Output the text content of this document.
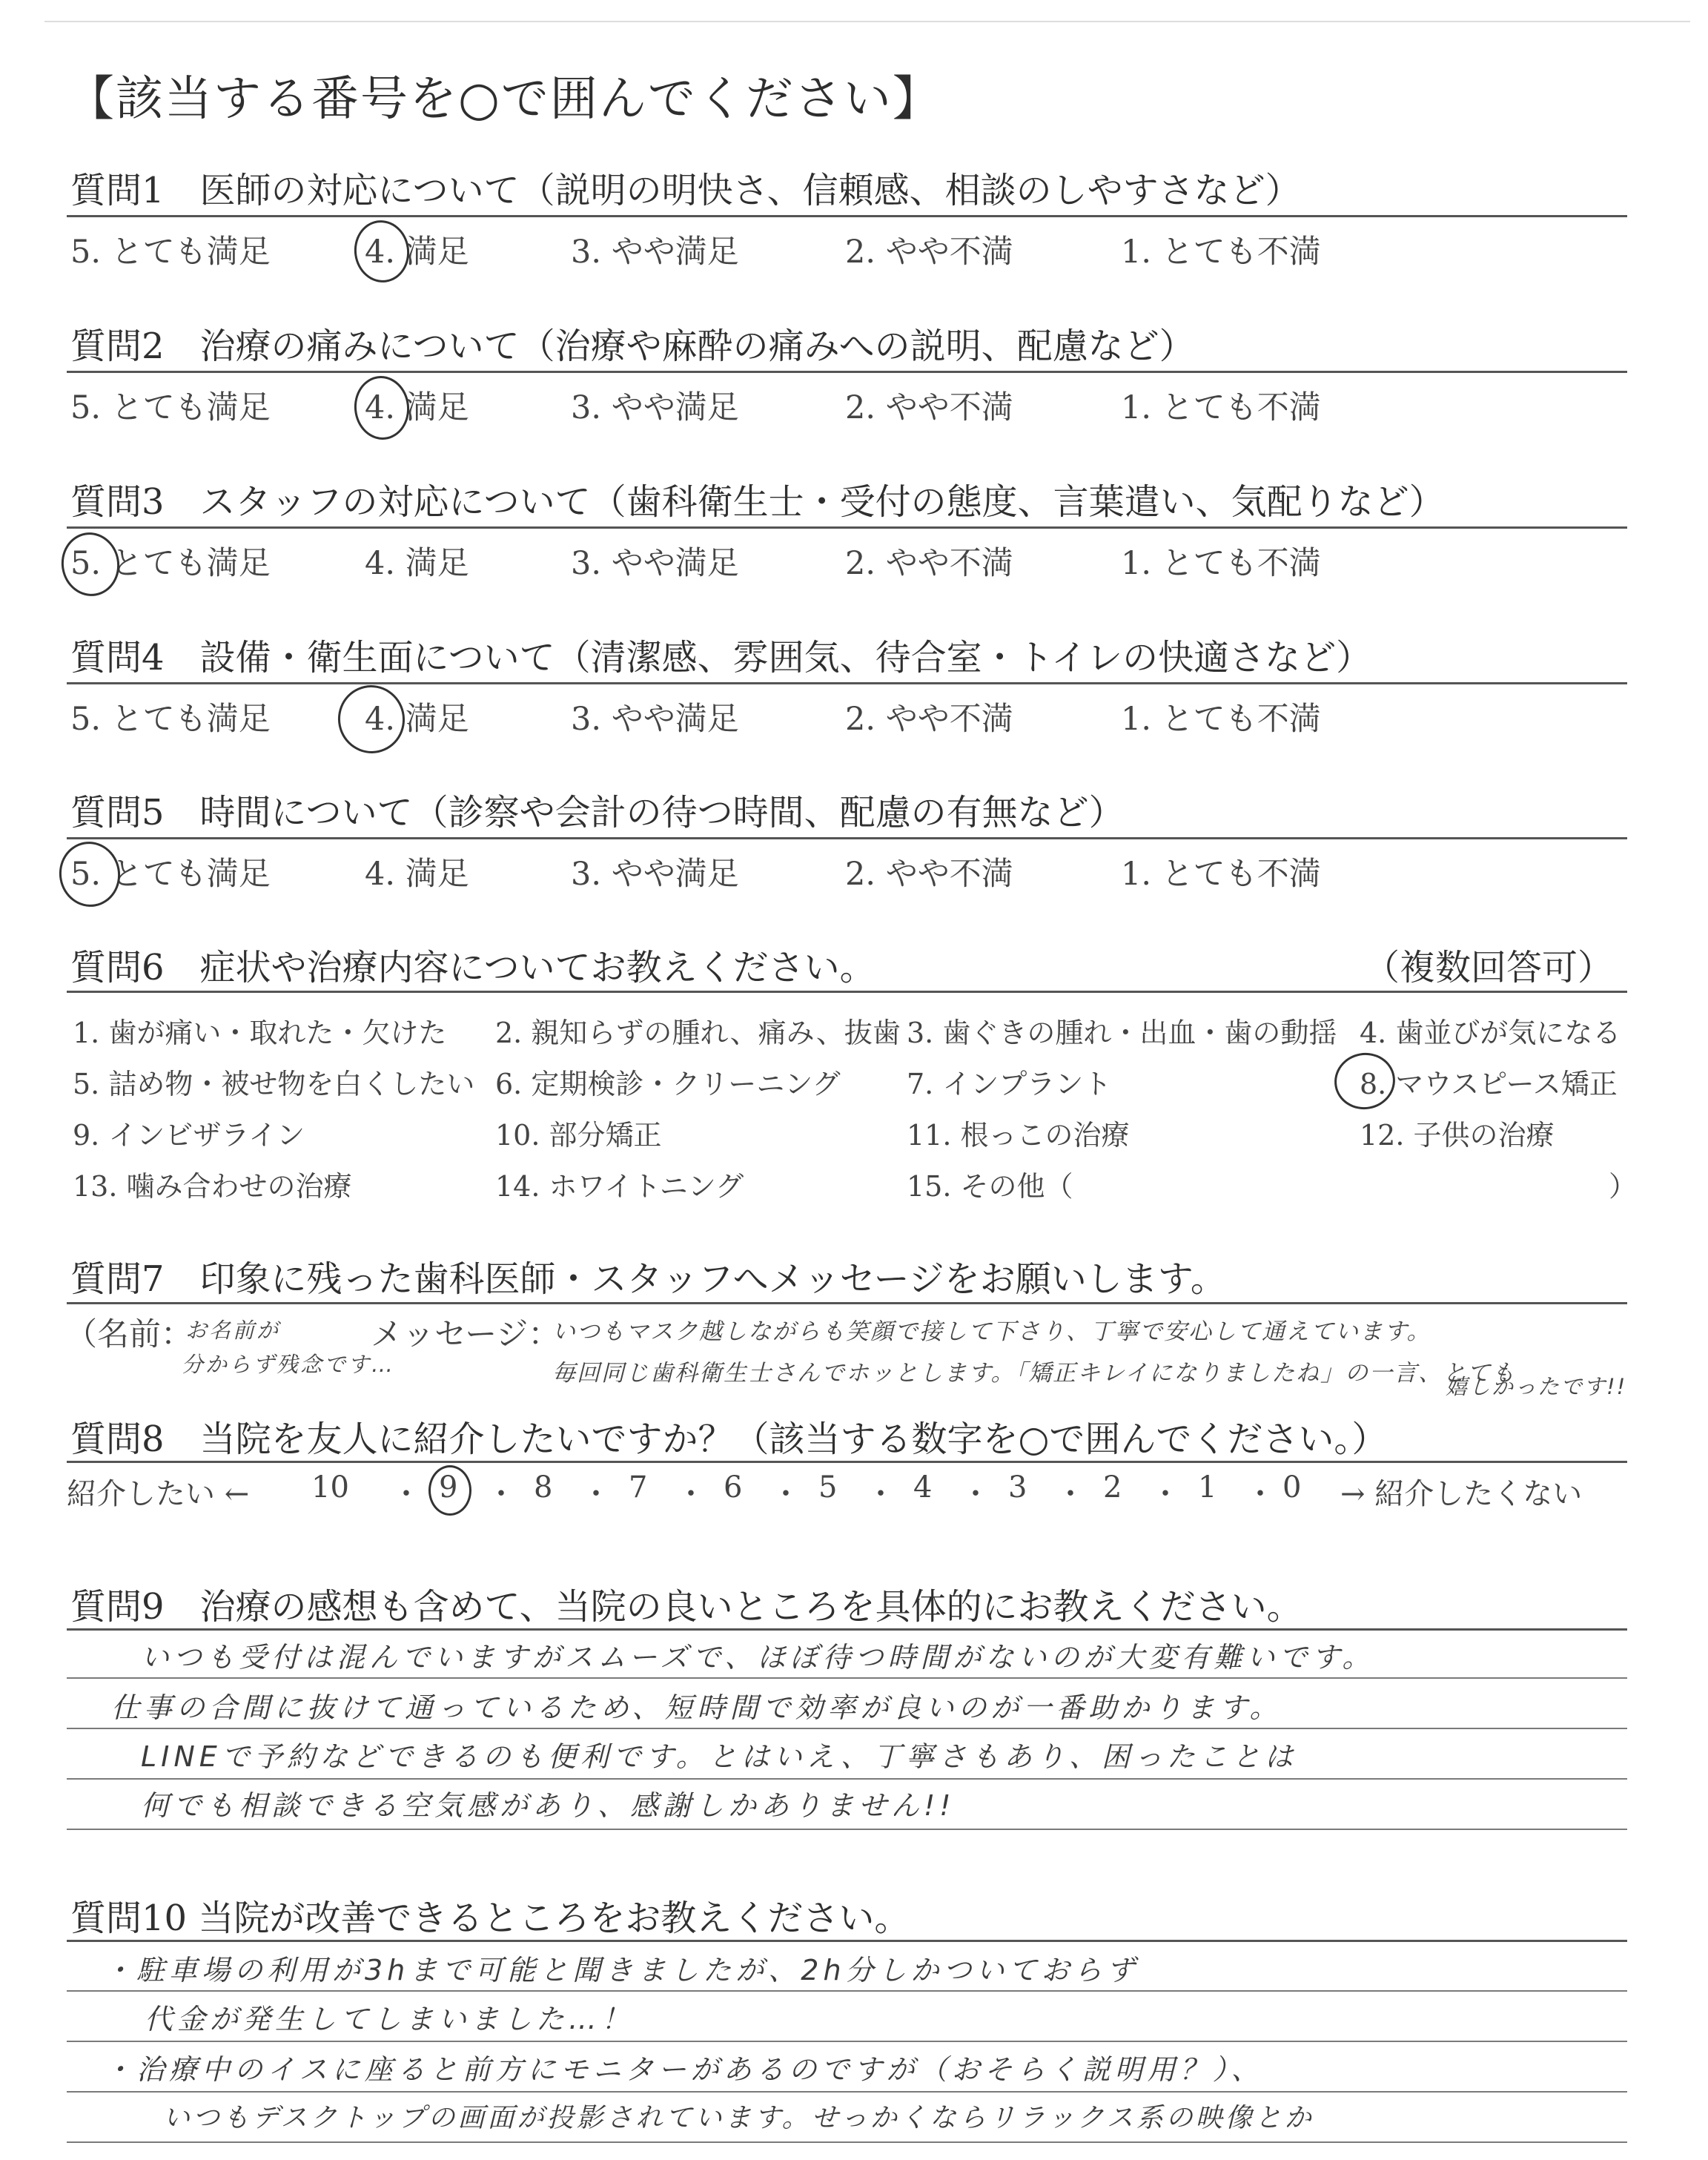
【該当する番号を○で囲んでください】
質問1　医師の対応について（説明の明快さ、信頼感、相談のしやすさなど）
5. とても満足	4. 満足	3. やや満足	2. やや不満	1. とても不満
質問2　治療の痛みについて（治療や麻酔の痛みへの説明、配慮など）
5. とても満足	4. 満足	3. やや満足	2. やや不満	1. とても不満
質問3　スタッフの対応について（歯科衛生士・受付の態度、言葉遣い、気配りなど）
5. とても満足	4. 満足	3. やや満足	2. やや不満	1. とても不満
質問4　設備・衛生面について（清潔感、雰囲気、待合室・トイレの快適さなど）
5. とても満足	4. 満足	3. やや満足	2. やや不満	1. とても不満
質問5　時間について（診察や会計の待つ時間、配慮の有無など）
5. とても満足	4. 満足	3. やや満足	2. やや不満	1. とても不満
質問6　症状や治療内容についてお教えください。	（複数回答可）
1. 歯が痛い・取れた・欠けた 2. 親知らずの腫れ、痛み、抜歯 3. 歯ぐきの腫れ・出血・歯の動揺 4. 歯並びが気になる
5. 詰め物・被せ物を白くしたい 6. 定期検診・クリーニング 7. インプラント	8. マウスピース矯正
9. インビザライン	10. 部分矯正	11. 根っこの治療	12. 子供の治療
13. 噛み合わせの治療	14. ホワイトニング	15. その他（	）
質問7　印象に残った歯科医師・スタッフへメッセージをお願いします。
（名前：
お名前が
分からず残念です…
メッセージ：
いつもマスク越しながらも笑顔で接して下さり、丁寧で安心して通えています。
毎回同じ歯科衛生士さんでホッとします。「矯正キレイになりましたね」の一言、とても
嬉しかったです!!
質問8　当院を友人に紹介したいですか？（該当する数字を○で囲んでください。）
紹介したい ← 10 ・ 9 ・ 8 ・ 7 ・ 6 ・ 5 ・ 4 ・ 3 ・ 2 ・ 1 ・ 0 → 紹介したくない
質問9　治療の感想も含めて、当院の良いところを具体的にお教えください。
いつも受付は混んでいますがスムーズで、ほぼ待つ時間がないのが大変有難いです。
仕事の合間に抜けて通っているため、短時間で効率が良いのが一番助かります。
LINEで予約などできるのも便利です。とはいえ、丁寧さもあり、困ったことは
何でも相談できる空気感があり、感謝しかありません!!
質問10 当院が改善できるところをお教えください。
・駐車場の利用が3hまで可能と聞きましたが、2h分しかついておらず
代金が発生してしまいました…！
・治療中のイスに座ると前方にモニターがあるのですが（おそらく説明用？）、
いつもデスクトップの画面が投影されています。せっかくならリラックス系の映像とか
